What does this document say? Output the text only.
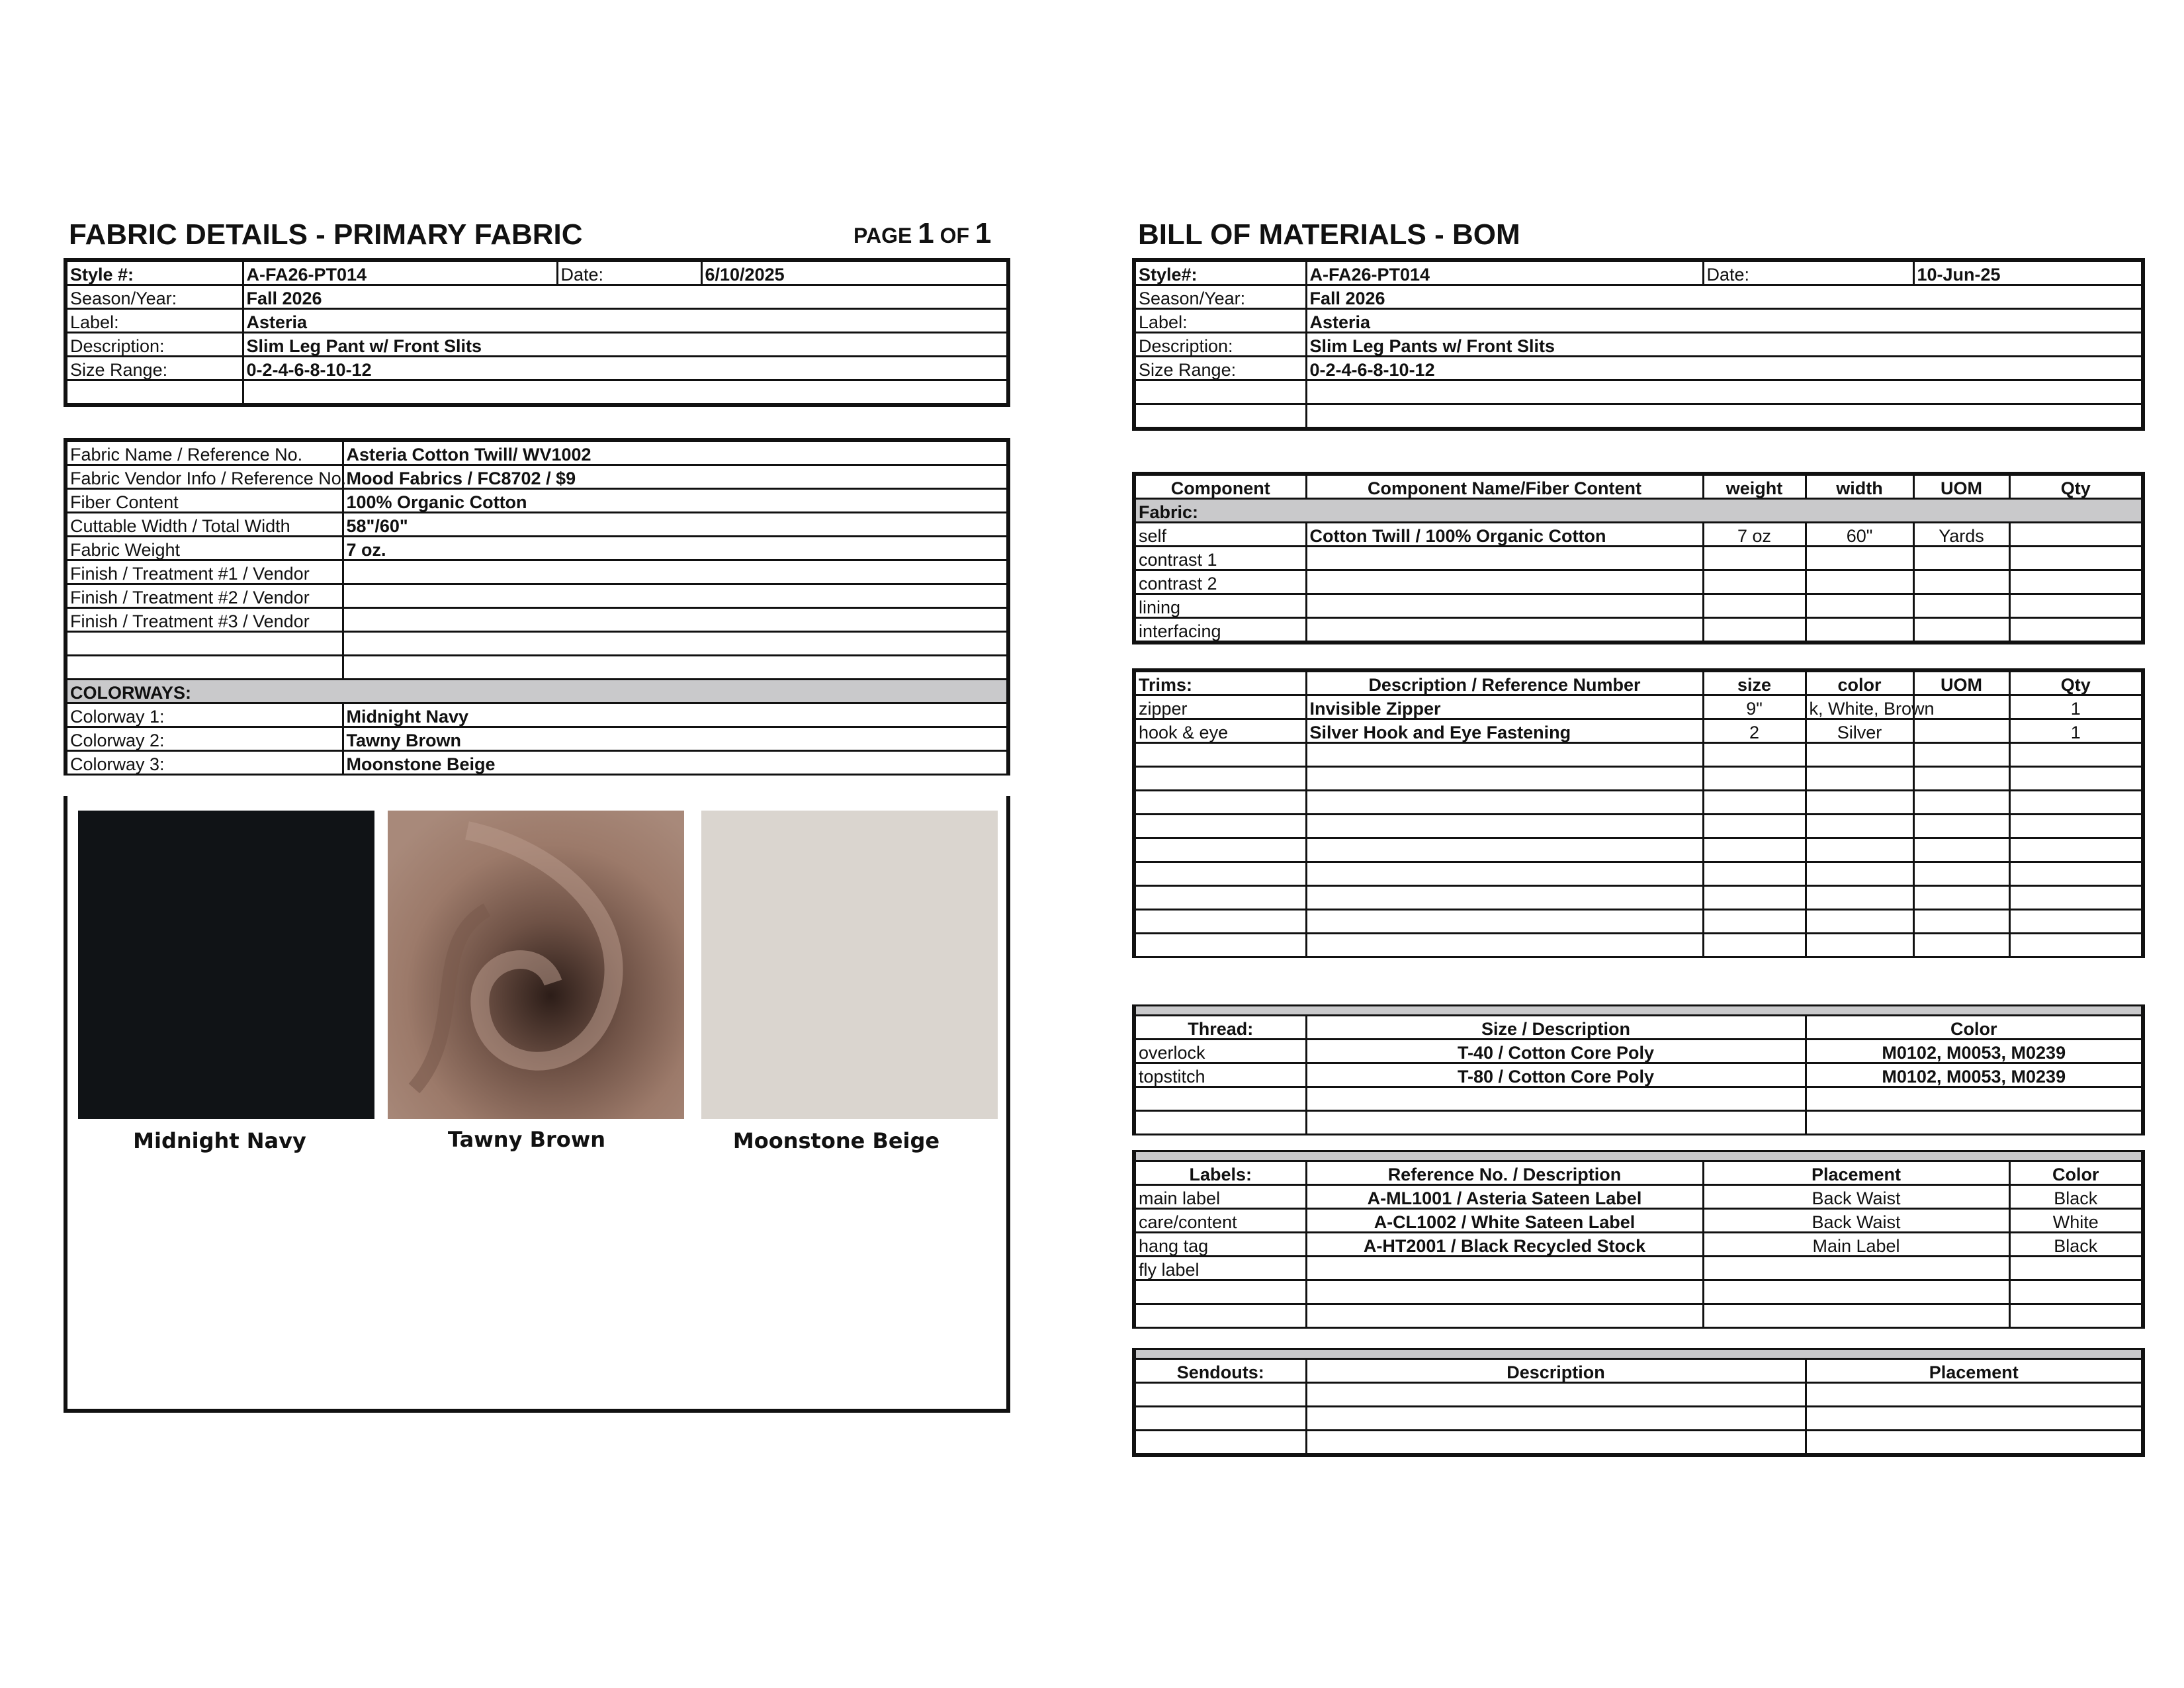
FABRIC DETAILS - PRIMARY FABRIC	PAGE 1 OF 1
Style #:	A-FA26-PT014	Date:	6/10/2025
Season/Year:	Fall 2026		
Label:	Asteria		
Description:	Slim Leg Pant w/ Front Slits		
Size Range:	0-2-4-6-8-10-12		

Fabric Name / Reference No.	Asteria Cotton Twill/ WV1002
Fabric Vendor Info / Reference No.	Mood Fabrics / FC8702 / $9
Fiber Content	100% Organic Cotton
Cuttable Width / Total Width	58"/60"
Fabric Weight	7 oz.
Finish / Treatment #1 / Vendor	
Finish / Treatment #2 / Vendor	
Finish / Treatment #3 / Vendor	

COLORWAYS:	
Colorway 1:	Midnight Navy
Colorway 2:	Tawny Brown
Colorway 3:	Moonstone Beige
Midnight Navy	Tawny Brown	Moonstone Beige
BILL OF MATERIALS - BOM
Style#:	A-FA26-PT014	Date:	10-Jun-25
Season/Year:	Fall 2026		
Label:	Asteria		
Description:	Slim Leg Pants w/ Front Slits		
Size Range:	0-2-4-6-8-10-12		

Component	Component Name/Fiber Content	weight	width	UOM	Qty
Fabric:					
self	Cotton Twill / 100% Organic Cotton	7 oz	60"	Yards	
contrast 1					
contrast 2					
lining					
interfacing					
Trims:	Description / Reference Number	size	color	UOM	Qty
zipper	Invisible Zipper	9"	k, White, Brown		1
hook & eye	Silver Hook and Eye Fastening	2	Silver		1

Thread:	Size / Description	Color
overlock	T-40 / Cotton Core Poly	M0102, M0053, M0239
topstitch	T-80 / Cotton Core Poly	M0102, M0053, M0239

Labels:	Reference No. / Description	Placement	Color
main label	A-ML1001 / Asteria Sateen Label	Back Waist	Black
care/content	A-CL1002 / White Sateen Label	Back Waist	White
hang tag	A-HT2001 / Black Recycled Stock	Main Label	Black
fly label			

Sendouts:	Description	Placement
